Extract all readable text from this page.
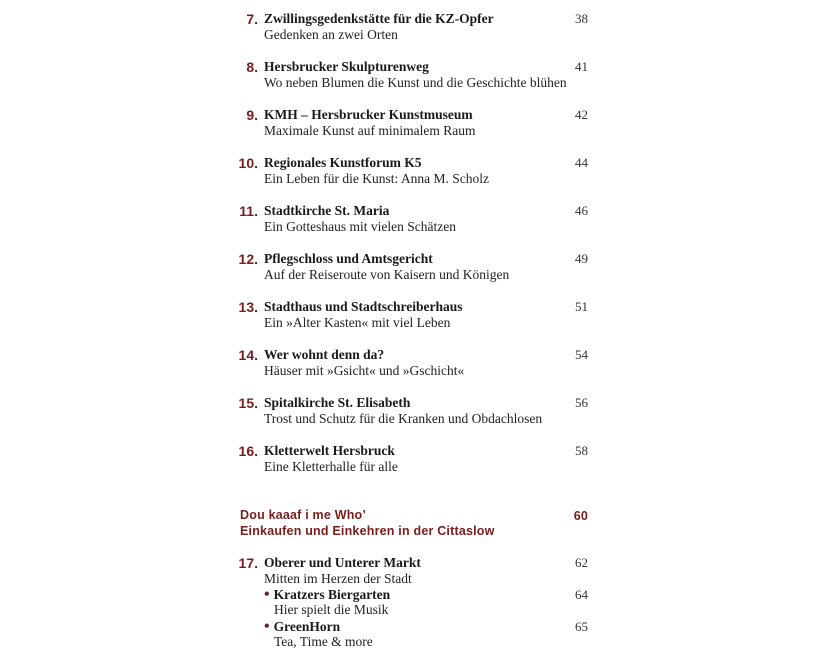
7. Zwillingsgedenkstätte für die KZ-Opfer
Gedenken an zwei Orten
38
8. Hersbrucker Skulpturenweg
Wo neben Blumen die Kunst und die Geschichte blühen
41
9. KMH – Hersbrucker Kunstmuseum
Maximale Kunst auf minimalem Raum
42
10. Regionales Kunstforum K5
Ein Leben für die Kunst: Anna M. Scholz
44
11. Stadtkirche St. Maria
Ein Gotteshaus mit vielen Schätzen
46
12. Pflegschloss und Amtsgericht
Auf der Reiseroute von Kaisern und Königen
49
13. Stadthaus und Stadtschreiberhaus
Ein »Alter Kasten« mit viel Leben
51
14. Wer wohnt denn da?
Häuser mit »Gsicht« und »Gschicht«
54
15. Spitalkirche St. Elisabeth
Trost und Schutz für die Kranken und Obdachlosen
56
16. Kletterwelt Hersbruck
Eine Kletterhalle für alle
58
Dou kaaaf i me Who’
Einkaufen und Einkehren in der Cittaslow
60
17. Oberer und Unterer Markt
Mitten im Herzen der Stadt
62
• Kratzers Biergarten
Hier spielt die Musik
64
• GreenHorn
Tea, Time & more
65
